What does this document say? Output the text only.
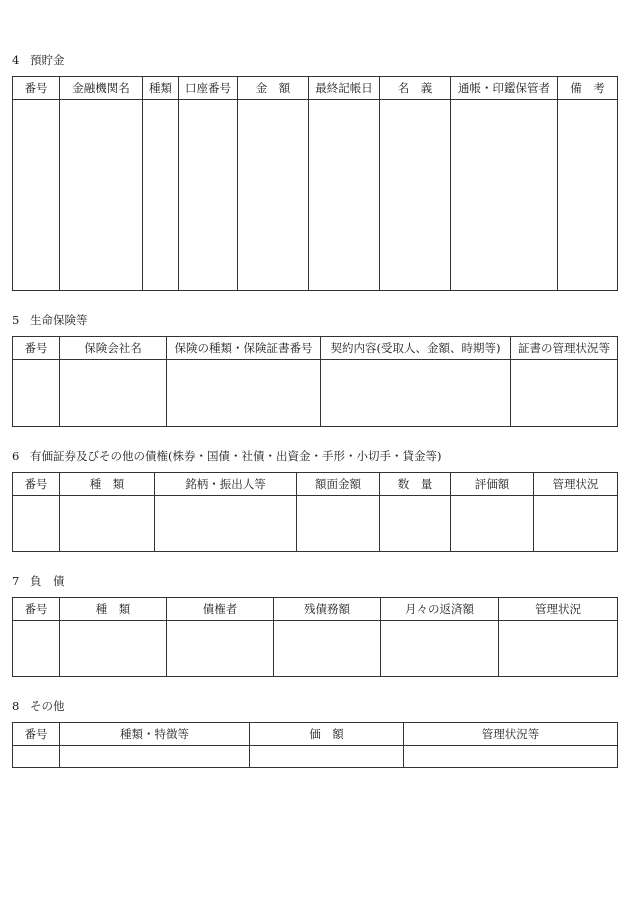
4 預貯金
番号	金融機関名	種類	口座番号	金　額	最終記帳日	名　義	通帳・印鑑保管者	備　考

5 生命保険等
番号	保険会社名	保険の種類・保険証書番号	契約内容(受取人、金額、時期等)	証書の管理状況等

6 有価証券及びその他の債権(株券・国債・社債・出資金・手形・小切手・貸金等)
番号	種　類	銘柄・振出人等	額面金額	数　量	評価額	管理状況

7 負　債
番号	種　類	債権者	残債務額	月々の返済額	管理状況

8 その他
番号	種類・特徴等	価　額	管理状況等
